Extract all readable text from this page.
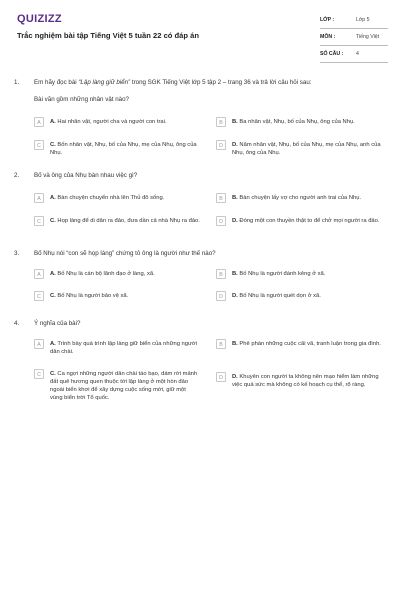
QUIZIZZ
Trắc nghiệm bài tập Tiếng Việt 5 tuần 22 có đáp án
LỚP :	Lớp 5
MÔN :	Tiếng Việt
SỐ CÂU : 4
1. Em hãy đọc bài “Lập làng giữ biển” trong SGK Tiếng Việt lớp 5 tập 2 – trang 36 và trả lời câu hỏi sau:
Bài văn gồm những nhân vật nào?
A	A. Hai nhân vật, người cha và người con trai.	B	B. Ba nhân vật, Nhụ, bố của Nhụ, ông của Nhụ.
C	C. Bốn nhân vật, Nhụ, bố của Nhụ, mẹ của Nhụ, ông của Nhụ.
D	D. Năm nhân vật, Nhụ, bố của Nhụ, mẹ của Nhụ, anh của Nhụ, ông của Nhụ.
2. Bố và ông của Nhụ bàn nhau việc gì?
A	A. Bàn chuyện chuyển nhà lên Thủ đô sống.	B	B. Bàn chuyện lấy vợ cho người anh trai của Nhụ.
C	C. Họp làng để di dân ra đảo, đưa dần cả nhà Nhụ ra đảo.	D	D. Đóng một con thuyền thật to để chở mọi người ra đảo.
3. Bố Nhụ nói “con sẽ họp làng” chứng tỏ ông là người như thế nào?
A	A. Bố Nhụ là cán bộ lãnh đạo ở làng, xã.	B	B. Bố Nhụ là người đánh kẻng ở xã.
C	C. Bố Nhụ là người bảo vệ xã.	D	D. Bố Nhụ là người quét dọn ở xã.
4. Ý nghĩa của bài?
A	A. Trình bày quá trình lập làng giữ biển của những người dân chài.
B	B. Phê phán những cuộc cãi vã, tranh luận trong gia đình.
C	C. Ca ngợi những người dân chài táo bạo, dám rời mảnh đất quê hương quen thuộc tới lập làng ở một hòn đảo ngoài biển khơi để xây dựng cuộc sống mới, giữ một vùng biển trời Tổ quốc.
D	D. Khuyên con người ta không nên mạo hiểm làm những việc quá sức mà không có kế hoạch cụ thể, rõ ràng.
